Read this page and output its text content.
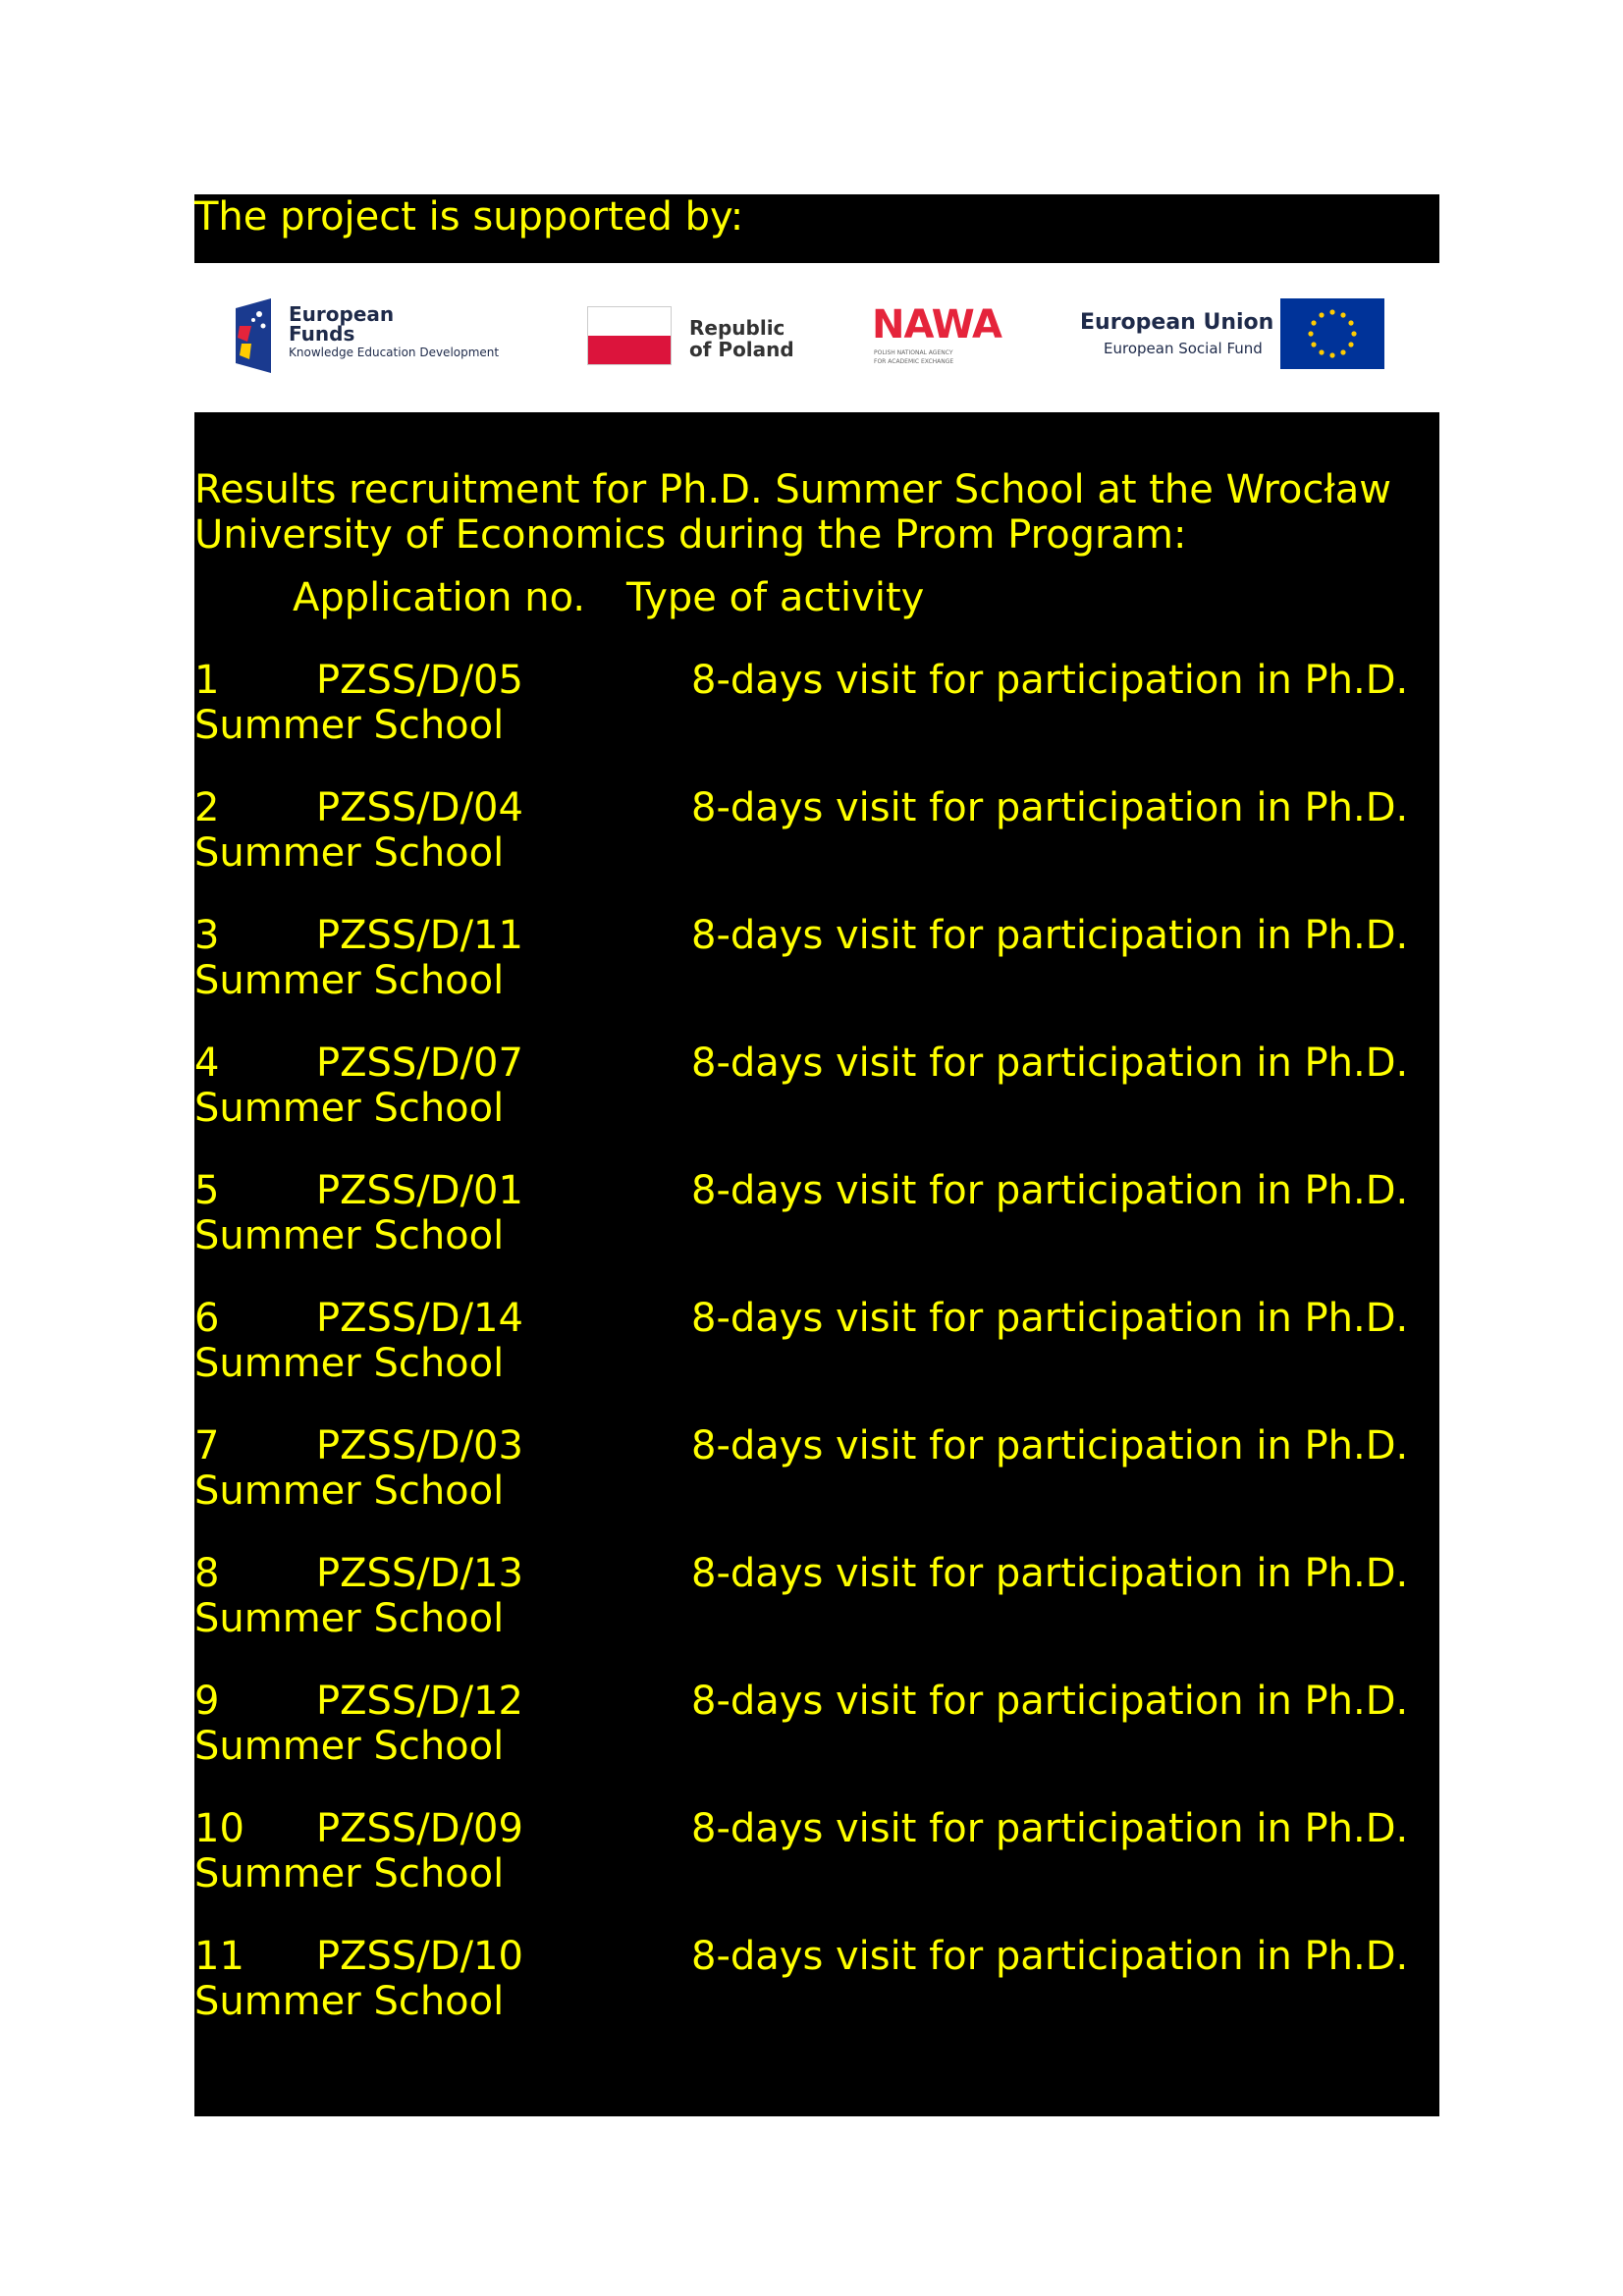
The project is supported by:
European
Funds
Knowledge Education Development
Republic
of Poland
NAWA
POLISH NATIONAL AGENCY
FOR ACADEMIC EXCHANGE
European Union
European Social Fund
Results recruitment for Ph.D. Summer School at the Wrocław
University of Economics during the Prom Program:
Application no. Type of activity
1 PZSS/D/05	8-days visit for participation in Ph.D.
Summer School
2 PZSS/D/04	8-days visit for participation in Ph.D.
Summer School
3 PZSS/D/11	8-days visit for participation in Ph.D.
Summer School
4 PZSS/D/07	8-days visit for participation in Ph.D.
Summer School
5 PZSS/D/01	8-days visit for participation in Ph.D.
Summer School
6 PZSS/D/14	8-days visit for participation in Ph.D.
Summer School
7 PZSS/D/03	8-days visit for participation in Ph.D.
Summer School
8 PZSS/D/13	8-days visit for participation in Ph.D.
Summer School
9 PZSS/D/12	8-days visit for participation in Ph.D.
Summer School
10 PZSS/D/09	8-days visit for participation in Ph.D.
Summer School
11 PZSS/D/10	8-days visit for participation in Ph.D.
Summer School
